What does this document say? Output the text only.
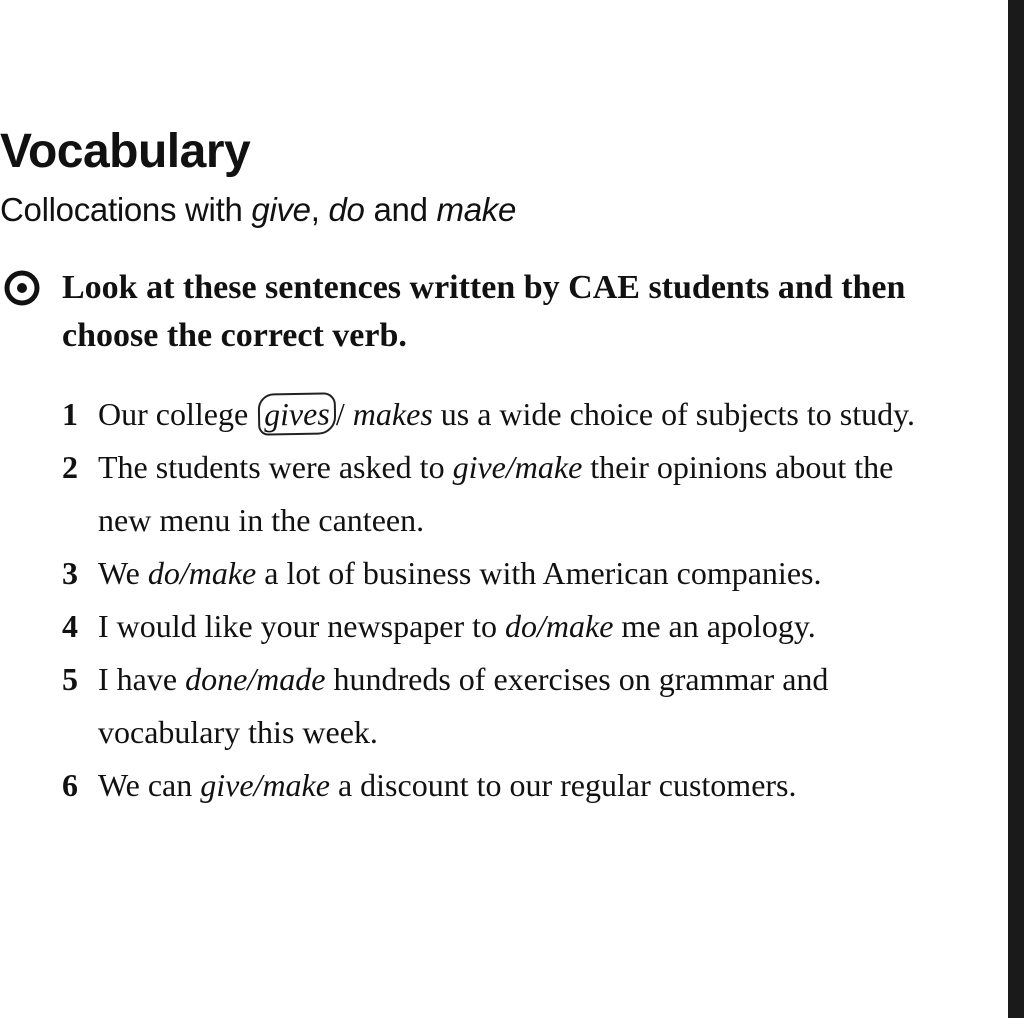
Vocabulary
Collocations with give, do and make
Look at these sentences written by CAE students and then choose the correct verb.
1 Our college gives / makes us a wide choice of subjects to study.
2 The students were asked to give/make their opinions about the new menu in the canteen.
3 We do/make a lot of business with American companies.
4 I would like your newspaper to do/make me an apology.
5 I have done/made hundreds of exercises on grammar and vocabulary this week.
6 We can give/make a discount to our regular customers.
